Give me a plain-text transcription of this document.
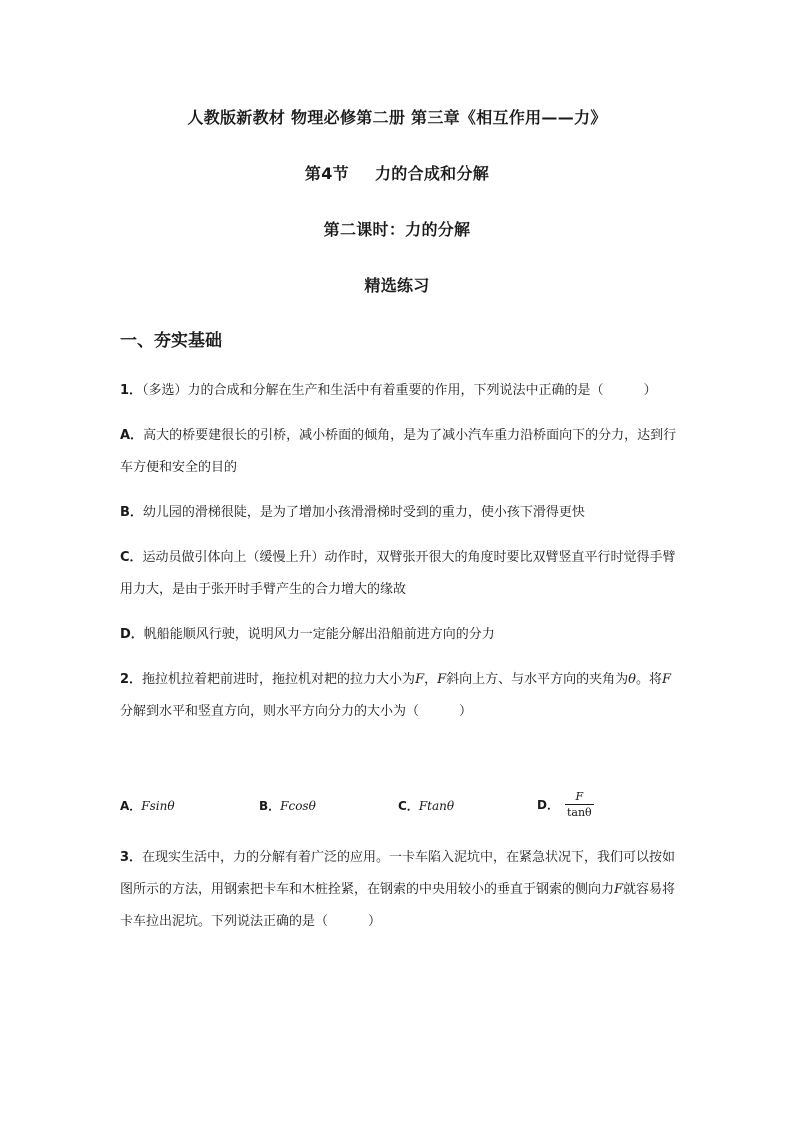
人教版新教材 物理必修第二册 第三章《相互作用——力》
第4节 力的合成和分解
第二课时：力的分解
精选练习
一、夯实基础
1．（多选）力的合成和分解在生产和生活中有着重要的作用，下列说法中正确的是（	）
A．高大的桥要建很长的引桥，减小桥面的倾角，是为了减小汽车重力沿桥面向下的分力，达到行车方便和安全的目的
B．幼儿园的滑梯很陡，是为了增加小孩滑滑梯时受到的重力，使小孩下滑得更快
C．运动员做引体向上（缓慢上升）动作时，双臂张开很大的角度时要比双臂竖直平行时觉得手臂用力大，是由于张开时手臂产生的合力增大的缘故
D．帆船能顺风行驶，说明风力一定能分解出沿船前进方向的分力
2．拖拉机拉着耙前进时，拖拉机对耙的拉力大小为F，F斜向上方、与水平方向的夹角为θ。将F分解到水平和竖直方向，则水平方向分力的大小为（	）
A．Fsinθ	B．Fcosθ	C．Ftanθ	D． $\frac{F}{\tan\theta}$
3．在现实生活中，力的分解有着广泛的应用。一卡车陷入泥坑中，在紧急状况下，我们可以按如图所示的方法，用钢索把卡车和木桩拴紧，在钢索的中央用较小的垂直于钢索的侧向力F就容易将卡车拉出泥坑。下列说法正确的是（	）
